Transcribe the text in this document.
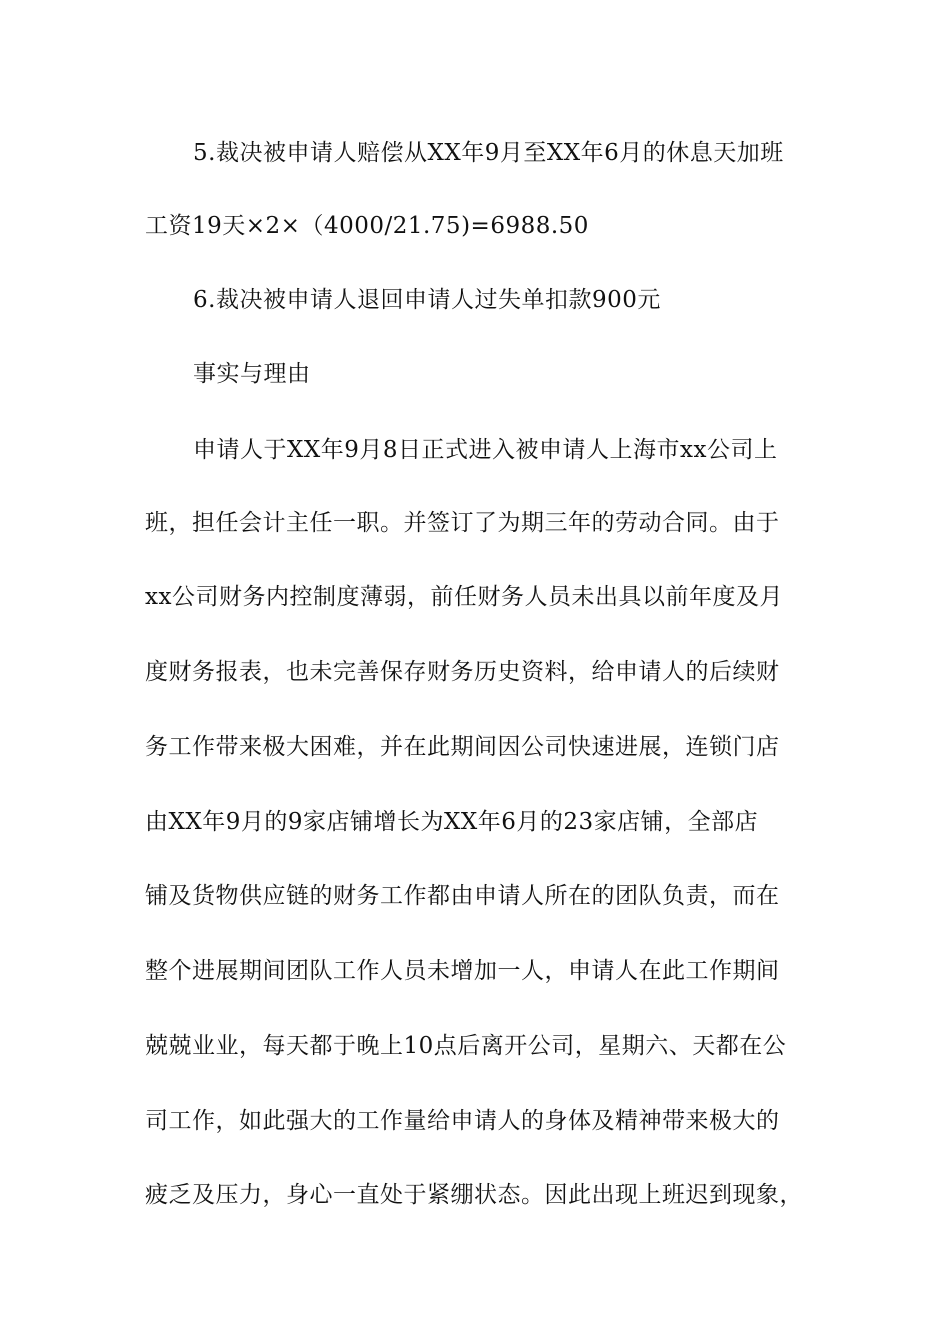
5.裁决被申请人赔偿从XX年9月至XX年6月的休息天加班
工资19天×2×（4000/21.75)=6988.50
6.裁决被申请人退回申请人过失单扣款900元
事实与理由
申请人于XX年9月8日正式进入被申请人上海市xx公司上
班，担任会计主任一职。并签订了为期三年的劳动合同。由于
xx公司财务内控制度薄弱，前任财务人员未出具以前年度及月
度财务报表，也未完善保存财务历史资料，给申请人的后续财
务工作带来极大困难，并在此期间因公司快速进展，连锁门店
由XX年9月的9家店铺增长为XX年6月的23家店铺，全部店
铺及货物供应链的财务工作都由申请人所在的团队负责，而在
整个进展期间团队工作人员未增加一人，申请人在此工作期间
兢兢业业，每天都于晚上10点后离开公司，星期六、天都在公
司工作，如此强大的工作量给申请人的身体及精神带来极大的
疲乏及压力，身心一直处于紧绷状态。因此出现上班迟到现象，
